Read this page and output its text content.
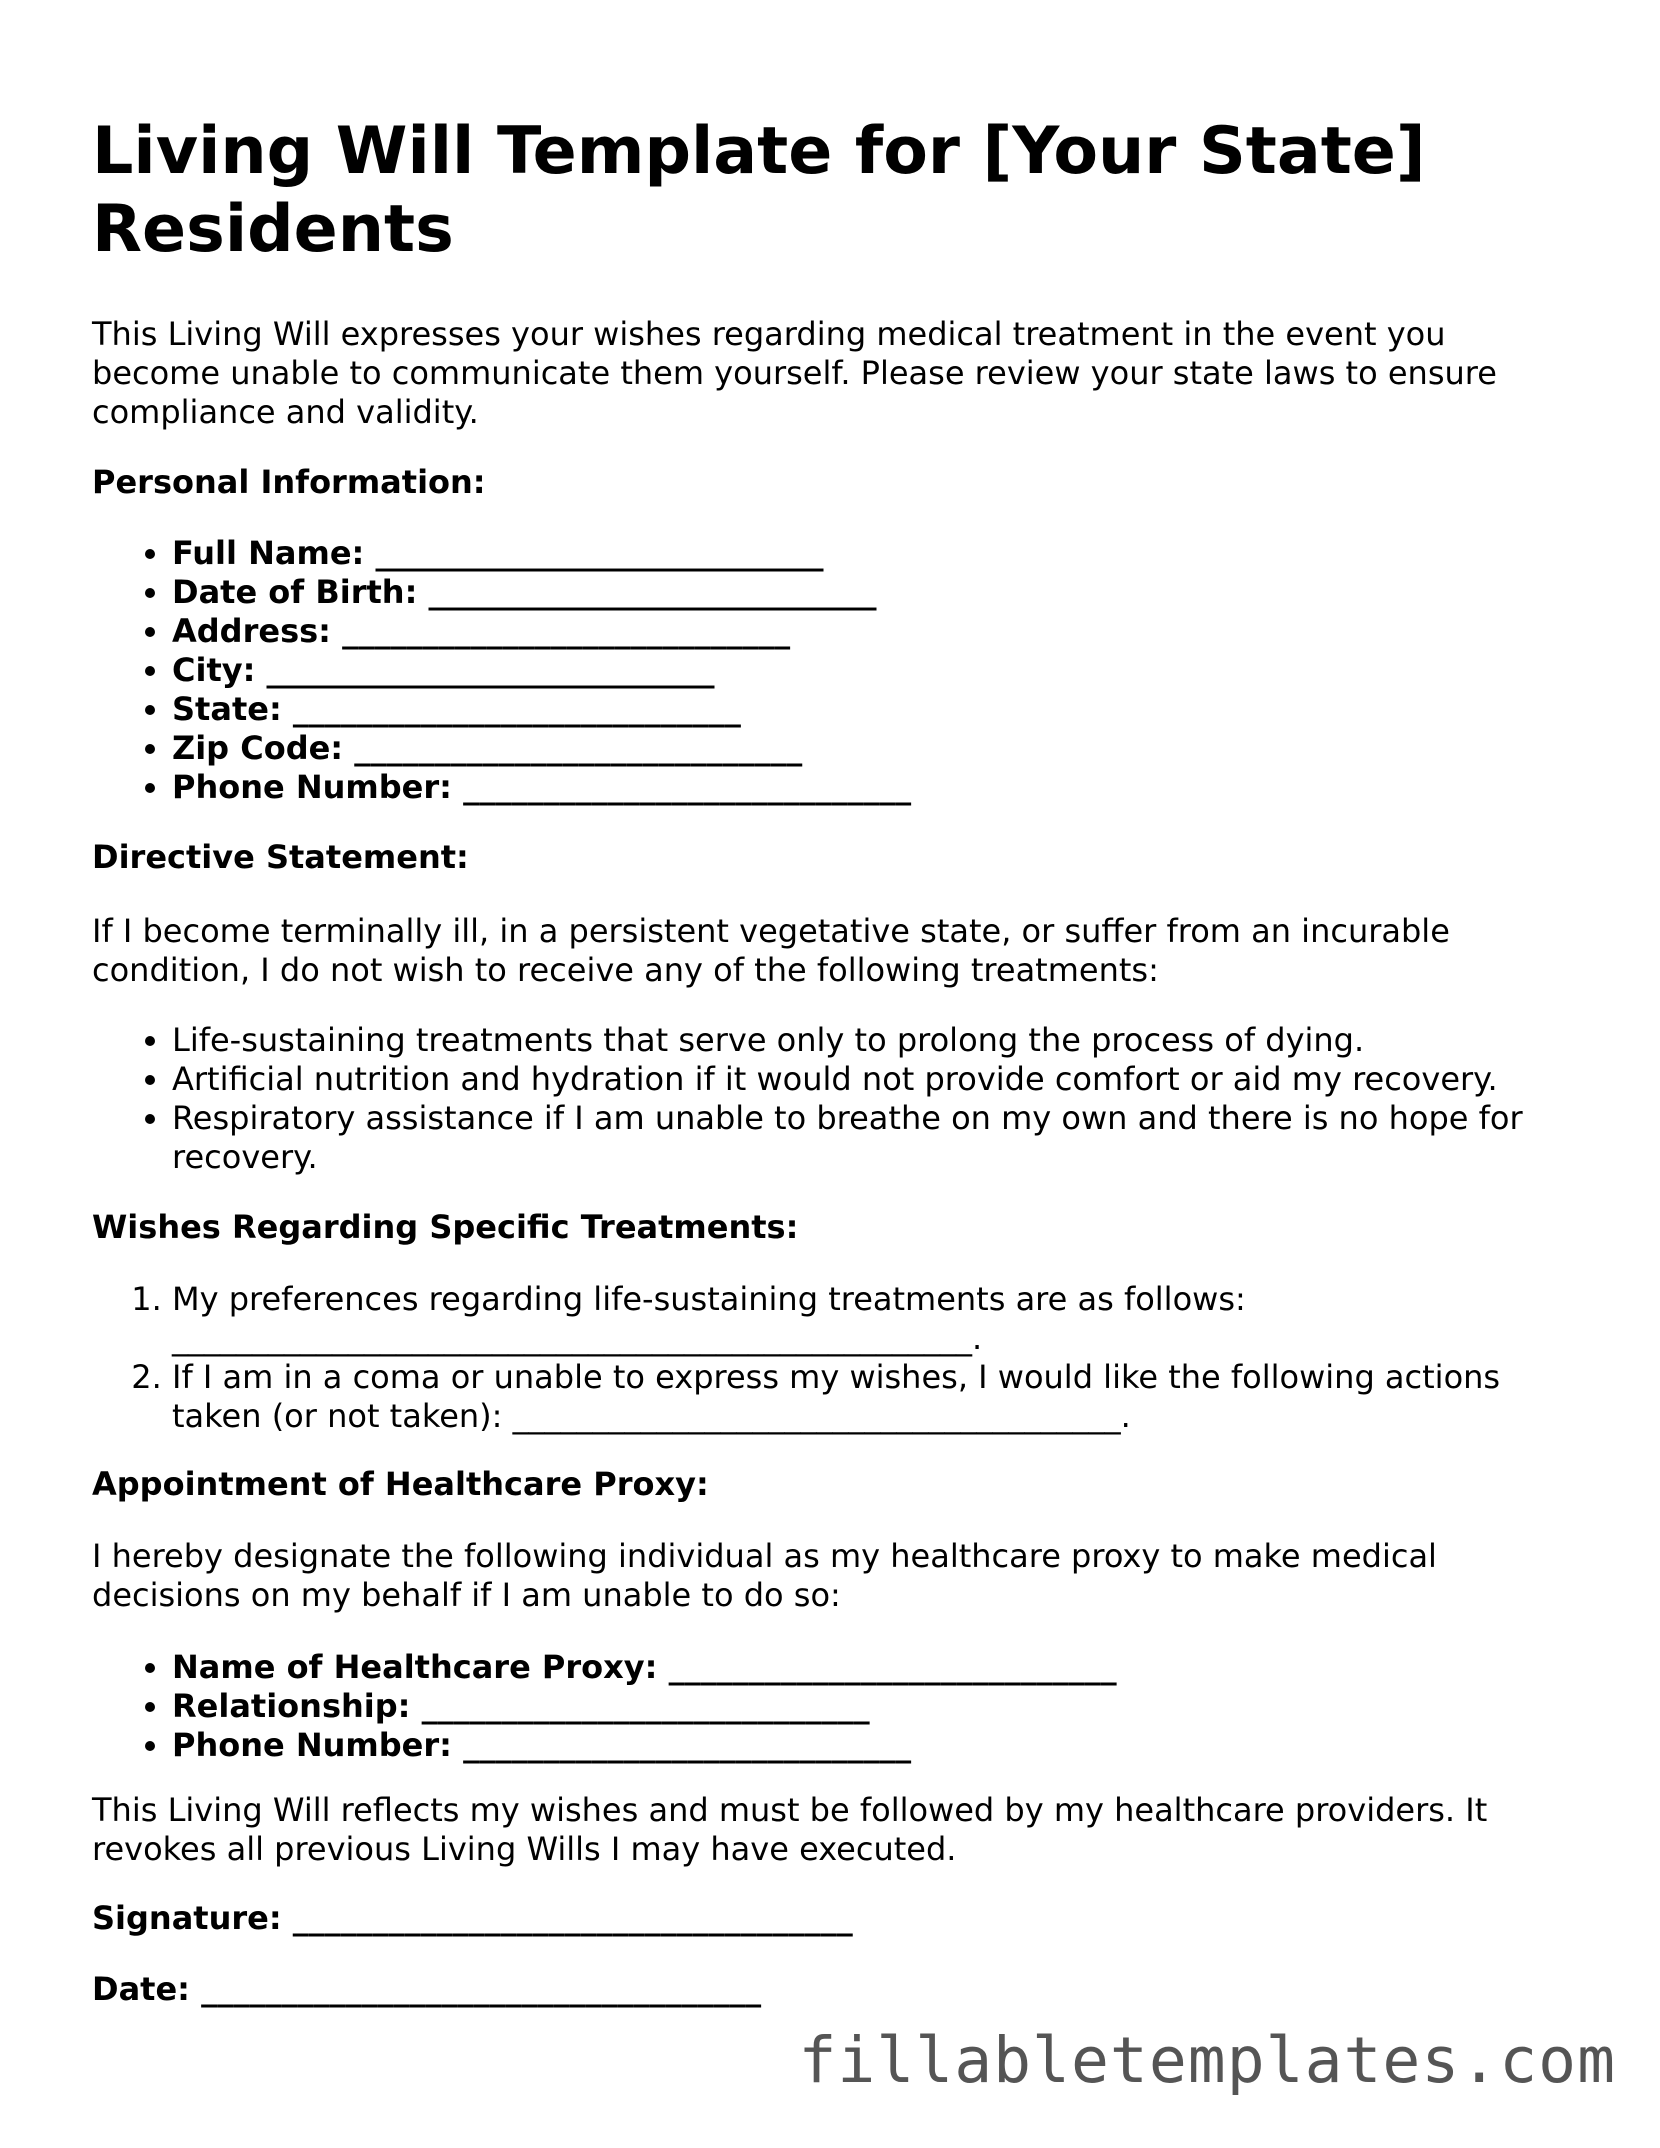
Living Will Template for [Your State] Residents

This Living Will expresses your wishes regarding medical treatment in the event you become unable to communicate them yourself. Please review your state laws to ensure compliance and validity.

Personal Information:

• Full Name: ____________________________
• Date of Birth: ____________________________
• Address: ____________________________
• City: ____________________________
• State: ____________________________
• Zip Code: ____________________________
• Phone Number: ____________________________

Directive Statement:

If I become terminally ill, in a persistent vegetative state, or suffer from an incurable condition, I do not wish to receive any of the following treatments:

• Life-sustaining treatments that serve only to prolong the process of dying.
• Artificial nutrition and hydration if it would not provide comfort or aid my recovery.
• Respiratory assistance if I am unable to breathe on my own and there is no hope for recovery.

Wishes Regarding Specific Treatments:

1. My preferences regarding life-sustaining treatments are as follows: __________________________________________________.
2. If I am in a coma or unable to express my wishes, I would like the following actions taken (or not taken): ______________________________________.

Appointment of Healthcare Proxy:

I hereby designate the following individual as my healthcare proxy to make medical decisions on my behalf if I am unable to do so:

• Name of Healthcare Proxy: ____________________________
• Relationship: ____________________________
• Phone Number: ____________________________

This Living Will reflects my wishes and must be followed by my healthcare providers. It revokes all previous Living Wills I may have executed.

Signature: ___________________________________

Date: ___________________________________

fillabletemplates.com
